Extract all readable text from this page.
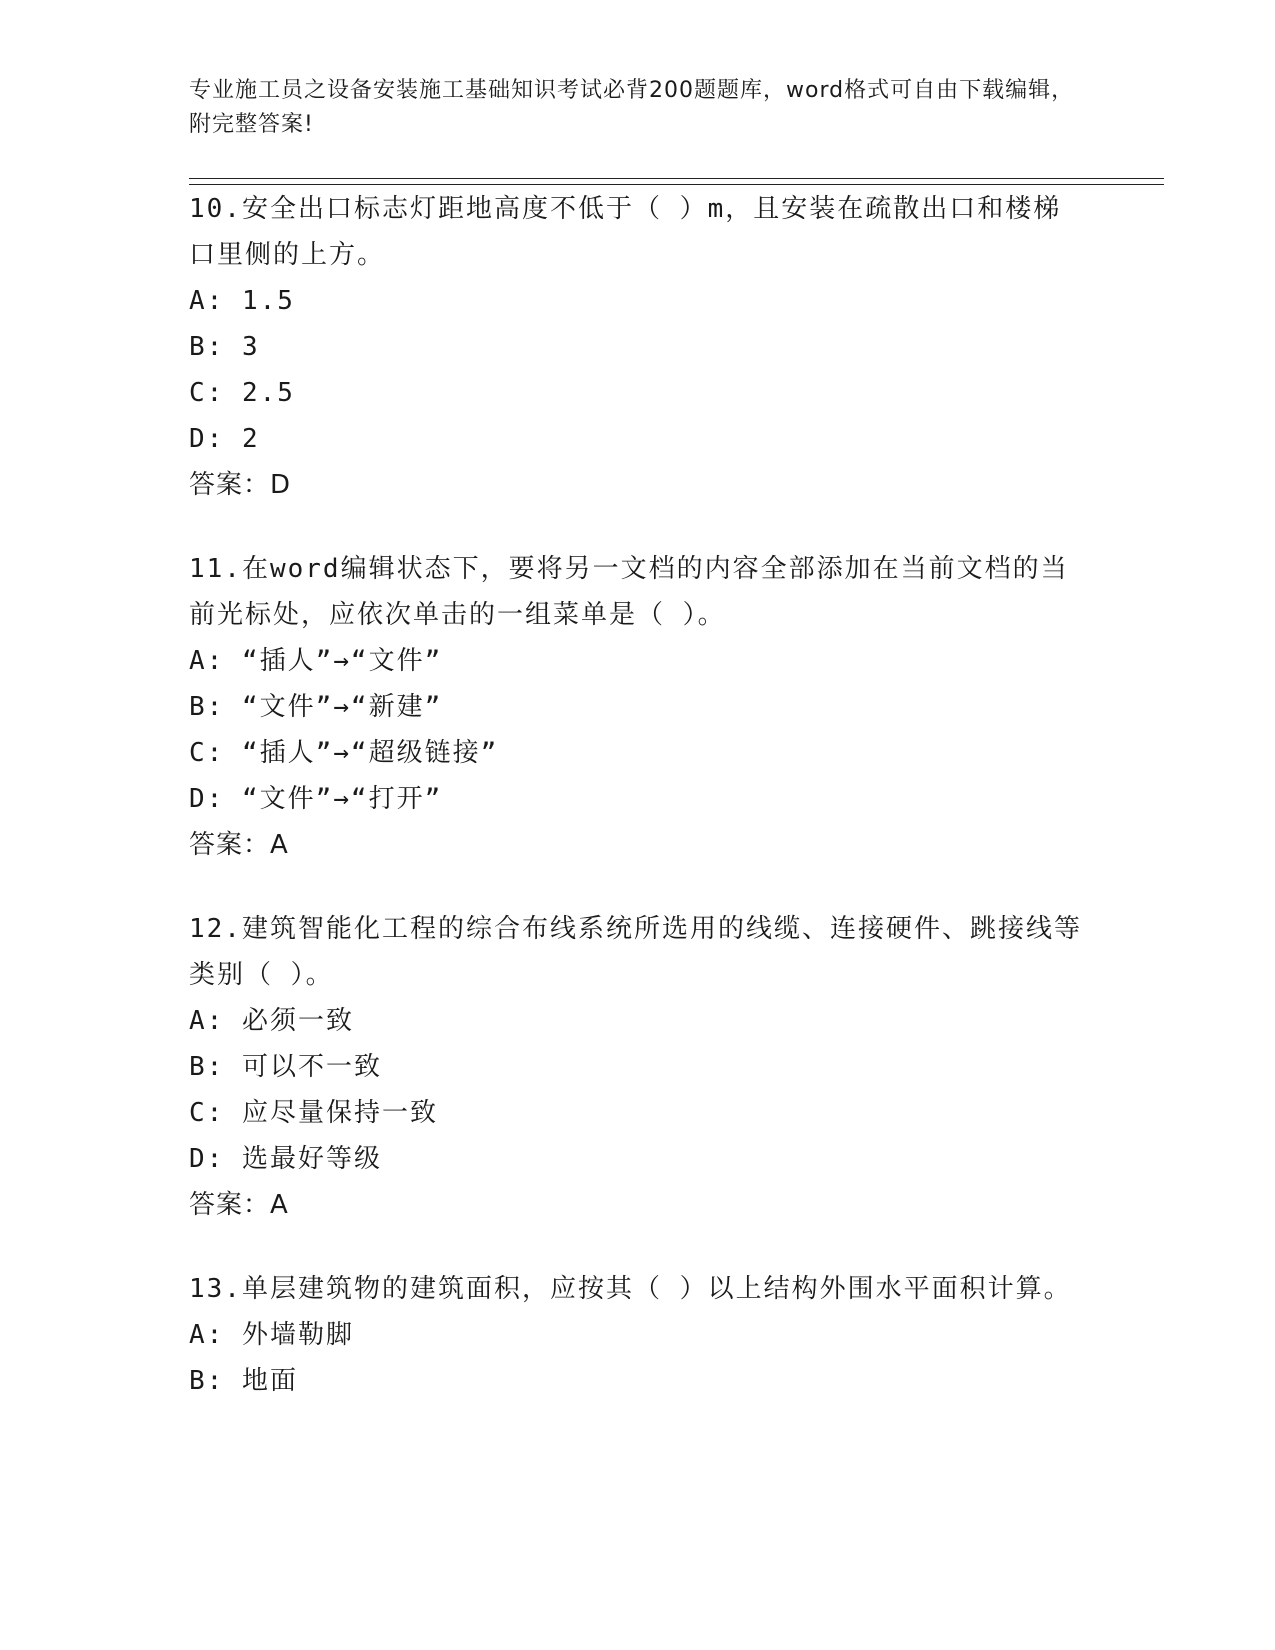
专业施工员之设备安装施工基础知识考试必背200题题库，word格式可自由下载编辑，附完整答案!

10.安全出口标志灯距地高度不低于（ ）m，且安装在疏散出口和楼梯口里侧的上方。

A: 1.5

B: 3

C: 2.5

D: 2

答案：D

11.在word编辑状态下，要将另一文档的内容全部添加在当前文档的当前光标处，应依次单击的一组菜单是（ ）。

A: “插人”→“文件”

B: “文件”→“新建”

C: “插人”→“超级链接”

D: “文件”→“打开”

答案：A

12.建筑智能化工程的综合布线系统所选用的线缆、连接硬件、跳接线等类别（ ）。

A: 必须一致

B: 可以不一致

C: 应尽量保持一致

D: 选最好等级

答案：A

13.单层建筑物的建筑面积，应按其（ ）以上结构外围水平面积计算。

A: 外墙勒脚

B: 地面
